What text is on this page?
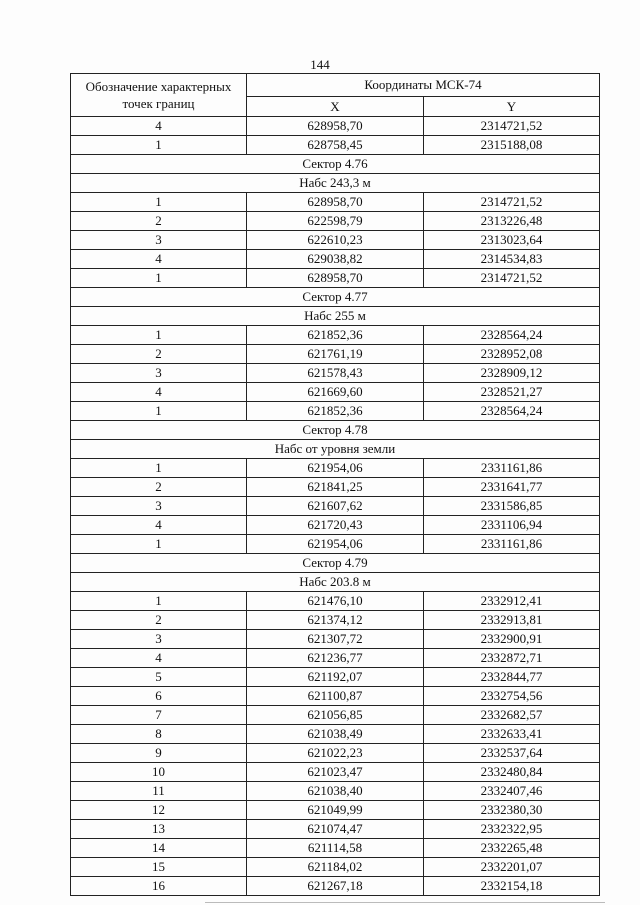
144
Обозначение характерных точек границ	Координаты МСК-74	
	X	Y
4	628958,70	2314721,52
1	628758,45	2315188,08
Сектор 4.76		
Набс 243,3 м		
1	628958,70	2314721,52
2	622598,79	2313226,48
3	622610,23	2313023,64
4	629038,82	2314534,83
1	628958,70	2314721,52
Сектор 4.77		
Набс 255 м		
1	621852,36	2328564,24
2	621761,19	2328952,08
3	621578,43	2328909,12
4	621669,60	2328521,27
1	621852,36	2328564,24
Сектор 4.78		
Набс от уровня земли		
1	621954,06	2331161,86
2	621841,25	2331641,77
3	621607,62	2331586,85
4	621720,43	2331106,94
1	621954,06	2331161,86
Сектор 4.79		
Набс 203.8 м		
1	621476,10	2332912,41
2	621374,12	2332913,81
3	621307,72	2332900,91
4	621236,77	2332872,71
5	621192,07	2332844,77
6	621100,87	2332754,56
7	621056,85	2332682,57
8	621038,49	2332633,41
9	621022,23	2332537,64
10	621023,47	2332480,84
11	621038,40	2332407,46
12	621049,99	2332380,30
13	621074,47	2332322,95
14	621114,58	2332265,48
15	621184,02	2332201,07
16	621267,18	2332154,18
